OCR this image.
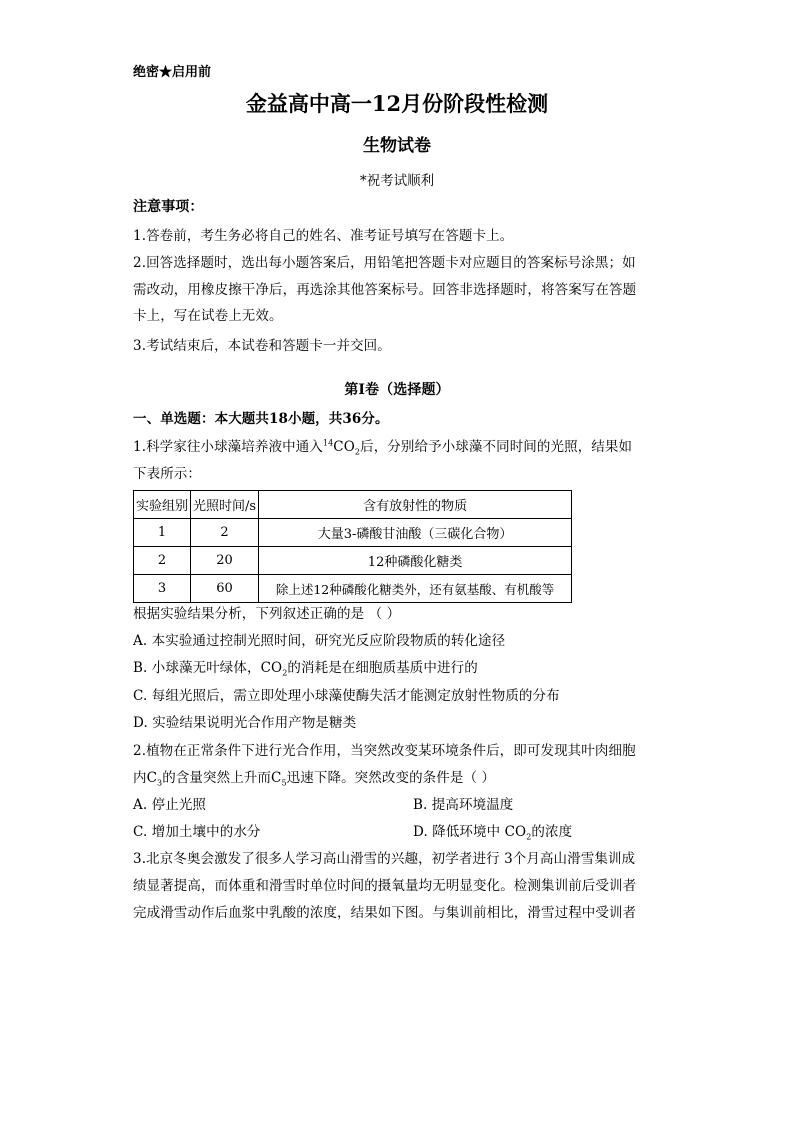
绝密★启用前
金益高中高一12月份阶段性检测
生物试卷
*祝考试顺利
注意事项：
1.答卷前，考生务必将自己的姓名、准考证号填写在答题卡上。
2.回答选择题时，选出每小题答案后，用铅笔把答题卡对应题目的答案标号涂黑；如
需改动，用橡皮擦干净后，再选涂其他答案标号。回答非选择题时，将答案写在答题
卡上，写在试卷上无效。
3.考试结束后，本试卷和答题卡一并交回。
第Ⅰ卷（选择题）
一、单选题：本大题共18小题，共36分。
1.科学家往小球藻培养液中通入$^{14}CO_2$后，分别给予小球藻不同时间的光照，结果如
下表所示：
实验组别	光照时间/s	含有放射性的物质
1	2	大量3-磷酸甘油酸（三碳化合物）
2	20	12种磷酸化糖类
3	60	除上述12种磷酸化糖类外，还有氨基酸、有机酸等
根据实验结果分析，下列叙述正确的是 （ ）
A. 本实验通过控制光照时间，研究光反应阶段物质的转化途径
B. 小球藻无叶绿体，$CO_2$的消耗是在细胞质基质中进行的
C. 每组光照后，需立即处理小球藻使酶失活才能测定放射性物质的分布
D. 实验结果说明光合作用产物是糖类
2.植物在正常条件下进行光合作用，当突然改变某环境条件后，即可发现其叶肉细胞
内$C_3$的含量突然上升而$C_5$迅速下降。突然改变的条件是（ ）
A. 停止光照	B. 提高环境温度
C. 增加土壤中的水分	D. 降低环境中 $CO_2$的浓度
3.北京冬奥会激发了很多人学习高山滑雪的兴趣，初学者进行 3个月高山滑雪集训成
绩显著提高，而体重和滑雪时单位时间的摄氧量均无明显变化。检测集训前后受训者
完成滑雪动作后血浆中乳酸的浓度，结果如下图。与集训前相比，滑雪过程中受训者
